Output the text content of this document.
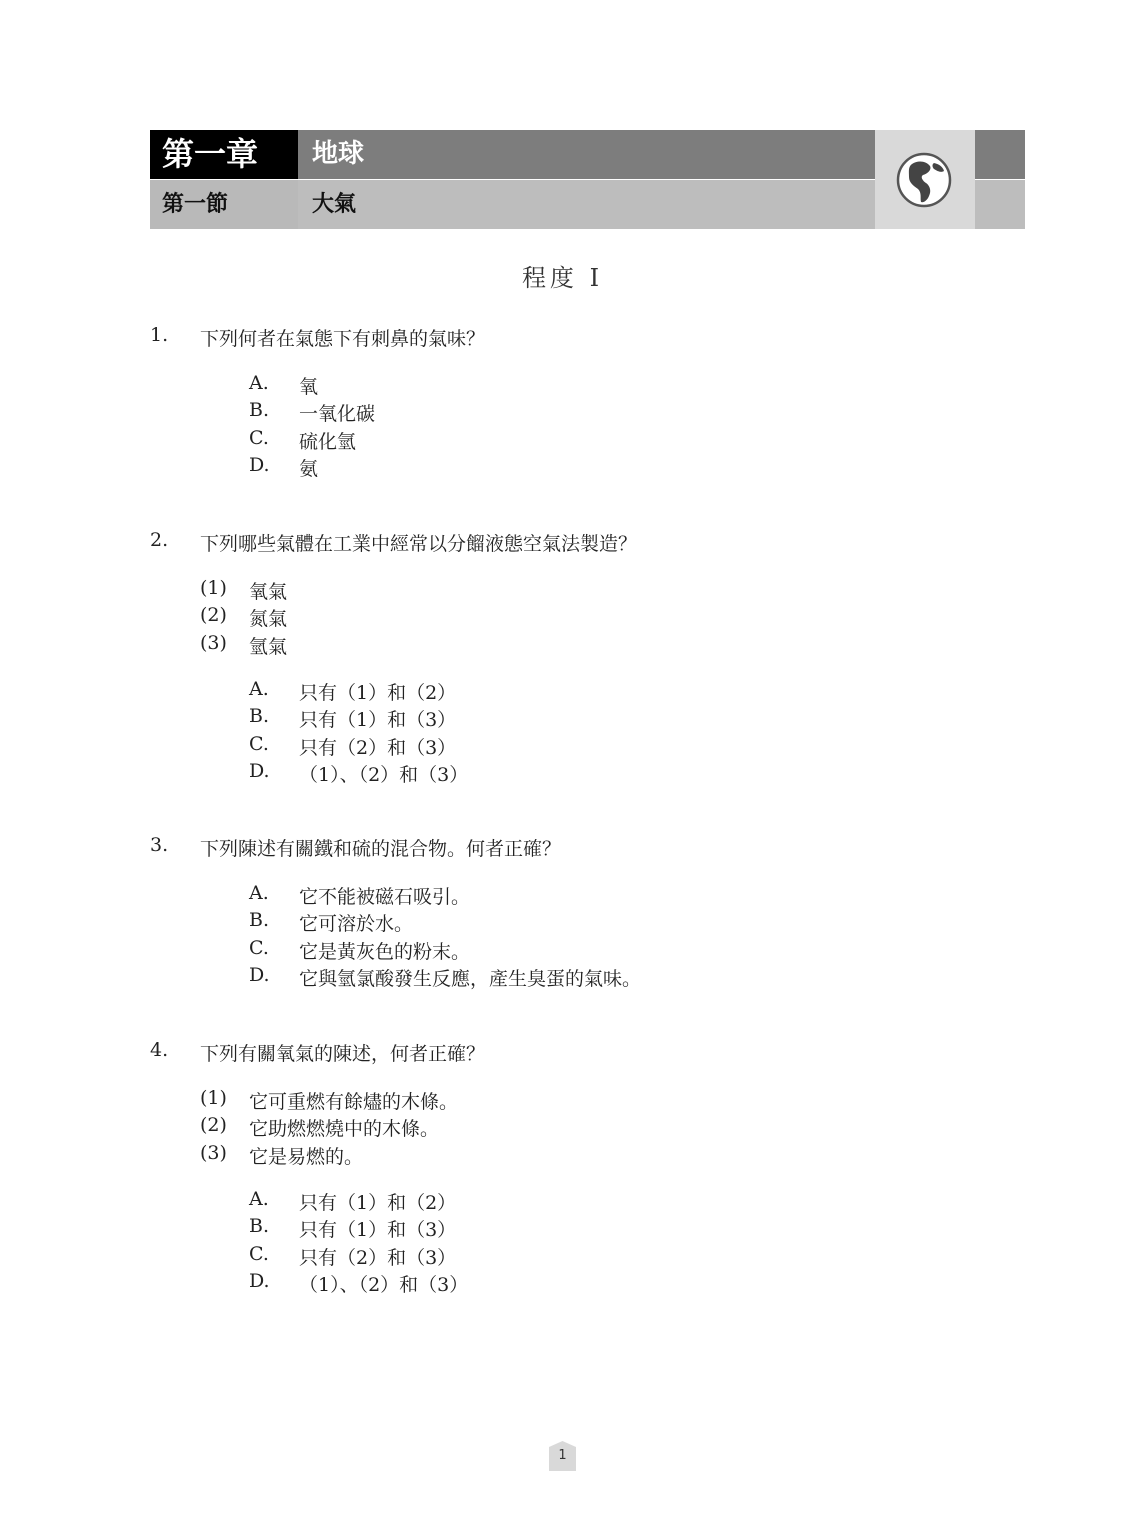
第一章	地球
第一節	大氣
程度 I
1.	下列何者在氣態下有刺鼻的氣味？
A. 氧
B. 一氧化碳
C. 硫化氫
D. 氨
2.	下列哪些氣體在工業中經常以分餾液態空氣法製造？
(1) 氧氣
(2) 氮氣
(3) 氫氣
A. 只有（1）和（2）
B. 只有（1）和（3）
C. 只有（2）和（3）
D. （1）、（2）和（3）
3.	下列陳述有關鐵和硫的混合物。何者正確？
A. 它不能被磁石吸引。
B. 它可溶於水。
C. 它是黃灰色的粉末。
D. 它與氫氯酸發生反應，產生臭蛋的氣味。
4.	下列有關氧氣的陳述，何者正確？
(1) 它可重燃有餘燼的木條。
(2) 它助燃燃燒中的木條。
(3) 它是易燃的。
A. 只有（1）和（2）
B. 只有（1）和（3）
C. 只有（2）和（3）
D. （1）、（2）和（3）
1
